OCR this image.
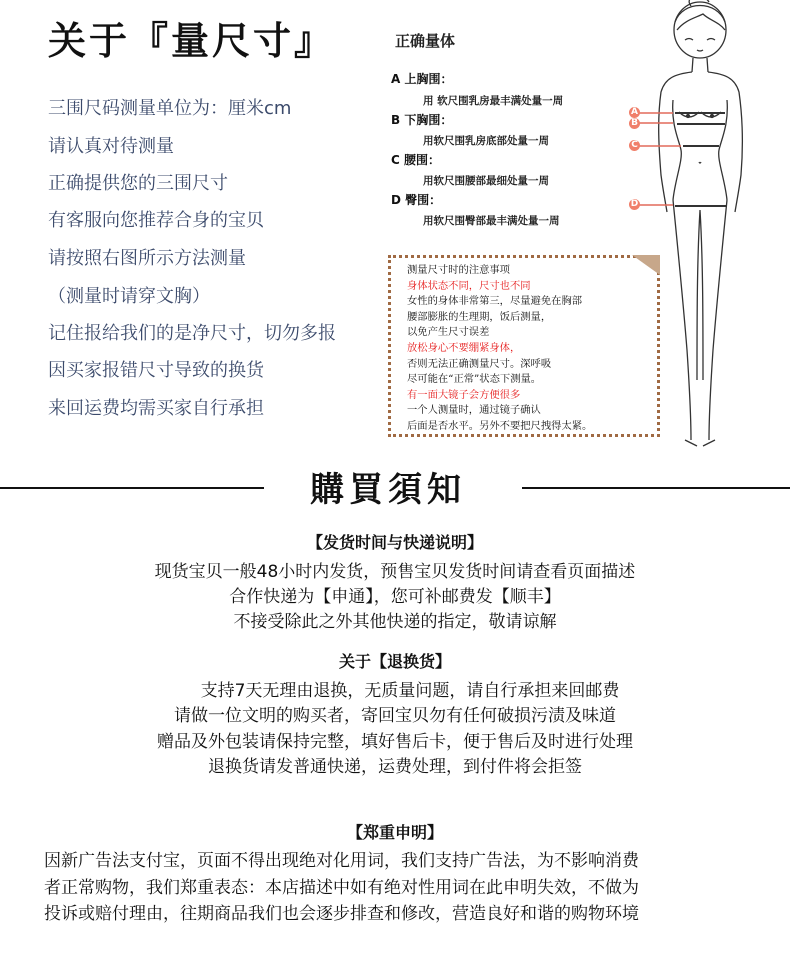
关于『量尺寸』	正确量体
三围尺码测量单位为：厘米cm
请认真对待测量
正确提供您的三围尺寸
有客服向您推荐合身的宝贝
请按照右图所示方法测量
（测量时请穿文胸）
记住报给我们的是净尺寸，切勿多报
因买家报错尺寸导致的换货
来回运费均需买家自行承担
A 上胸围：
用 软尺围乳房最丰满处量一周
B 下胸围：
用软尺围乳房底部处量一周
C 腰围：
用软尺围腰部最细处量一周
D 臀围：
用软尺围臀部最丰满处量一周
测量尺寸时的注意事项
身体状态不同，尺寸也不同
女性的身体非常第三，尽量避免在胸部
腰部膨胀的生理期，饭后测量，
以免产生尺寸误差
放松身心不要绷紧身体，
否则无法正确测量尺寸。深呼吸
尽可能在“正常”状态下测量。
有一面大镜子会方便很多
一个人测量时，通过镜子确认
后面是否水平。另外不要把尺拽得太紧。
A
B
C
D
購買須知
【发货时间与快递说明】
现货宝贝一般48小时内发货，预售宝贝发货时间请查看页面描述
合作快递为【申通】，您可补邮费发【顺丰】
不接受除此之外其他快递的指定，敬请谅解
关于【退换货】
支持7天无理由退换，无质量问题，请自行承担来回邮费
请做一位文明的购买者，寄回宝贝勿有任何破损污渍及味道
赠品及外包装请保持完整，填好售后卡，便于售后及时进行处理
退换货请发普通快递，运费处理，到付件将会拒签
【郑重申明】
因新广告法支付宝，页面不得出现绝对化用词，我们支持广告法，为不影响消费
者正常购物，我们郑重表态：本店描述中如有绝对性用词在此申明失效，不做为
投诉或赔付理由，往期商品我们也会逐步排查和修改，营造良好和谐的购物环境
